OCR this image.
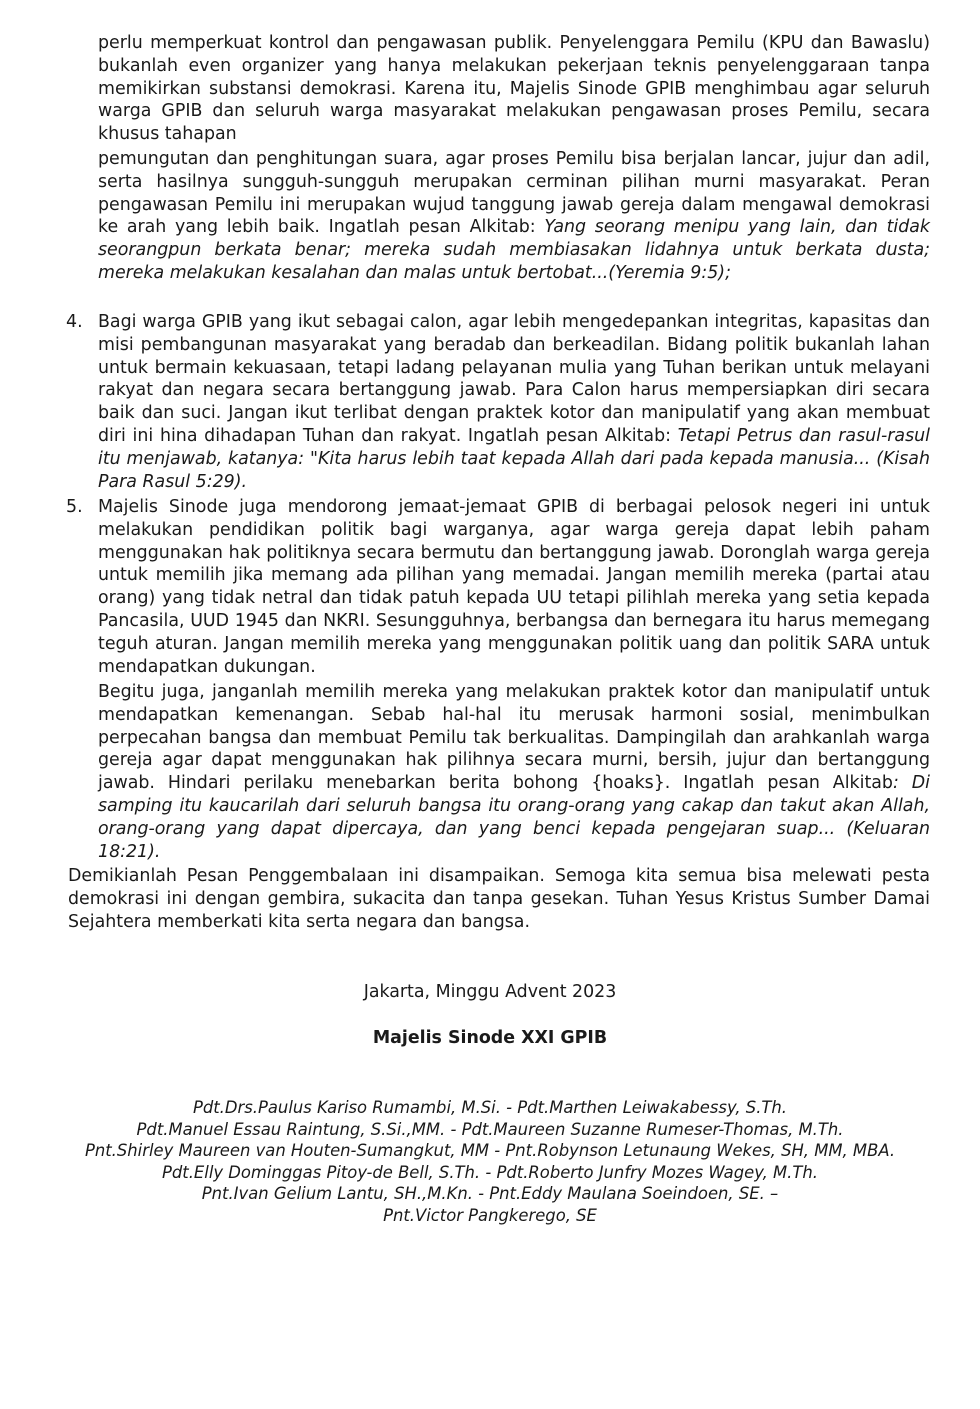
perlu memperkuat kontrol dan pengawasan publik. Penyelenggara Pemilu (KPU dan Bawaslu) bukanlah even organizer yang hanya melakukan pekerjaan teknis penyelenggaraan tanpa memikirkan substansi demokrasi. Karena itu, Majelis Sinode GPIB menghimbau agar seluruh warga GPIB dan seluruh warga masyarakat melakukan pengawasan proses Pemilu, secara khusus tahapan

pemungutan dan penghitungan suara, agar proses Pemilu bisa berjalan lancar, jujur dan adil, serta hasilnya sungguh-sungguh merupakan cerminan pilihan murni masyarakat. Peran pengawasan Pemilu ini merupakan wujud tanggung jawab gereja dalam mengawal demokrasi ke arah yang lebih baik. Ingatlah pesan Alkitab: Yang seorang menipu yang lain, dan tidak seorangpun berkata benar; mereka sudah membiasakan lidahnya untuk berkata dusta; mereka melakukan kesalahan dan malas untuk bertobat...(Yeremia 9:5);

4. Bagi warga GPIB yang ikut sebagai calon, agar lebih mengedepankan integritas, kapasitas dan misi pembangunan masyarakat yang beradab dan berkeadilan. Bidang politik bukanlah lahan untuk bermain kekuasaan, tetapi ladang pelayanan mulia yang Tuhan berikan untuk melayani rakyat dan negara secara bertanggung jawab. Para Calon harus mempersiapkan diri secara baik dan suci. Jangan ikut terlibat dengan praktek kotor dan manipulatif yang akan membuat diri ini hina dihadapan Tuhan dan rakyat. Ingatlah pesan Alkitab: Tetapi Petrus dan rasul-rasul itu menjawab, katanya: "Kita harus lebih taat kepada Allah dari pada kepada manusia... (Kisah Para Rasul 5:29).

5. Majelis Sinode juga mendorong jemaat-jemaat GPIB di berbagai pelosok negeri ini untuk melakukan pendidikan politik bagi warganya, agar warga gereja dapat lebih paham menggunakan hak politiknya secara bermutu dan bertanggung jawab. Doronglah warga gereja untuk memilih jika memang ada pilihan yang memadai. Jangan memilih mereka (partai atau orang) yang tidak netral dan tidak patuh kepada UU tetapi pilihlah mereka yang setia kepada Pancasila, UUD 1945 dan NKRI. Sesungguhnya, berbangsa dan bernegara itu harus memegang teguh aturan. Jangan memilih mereka yang menggunakan politik uang dan politik SARA untuk mendapatkan dukungan.

Begitu juga, janganlah memilih mereka yang melakukan praktek kotor dan manipulatif untuk mendapatkan kemenangan. Sebab hal-hal itu merusak harmoni sosial, menimbulkan perpecahan bangsa dan membuat Pemilu tak berkualitas. Dampingilah dan arahkanlah warga gereja agar dapat menggunakan hak pilihnya secara murni, bersih, jujur dan bertanggung jawab. Hindari perilaku menebarkan berita bohong {hoaks}. Ingatlah pesan Alkitab: Di samping itu kaucarilah dari seluruh bangsa itu orang-orang yang cakap dan takut akan Allah, orang-orang yang dapat dipercaya, dan yang benci kepada pengejaran suap... (Keluaran 18:21).

Demikianlah Pesan Penggembalaan ini disampaikan. Semoga kita semua bisa melewati pesta demokrasi ini dengan gembira, sukacita dan tanpa gesekan. Tuhan Yesus Kristus Sumber Damai Sejahtera memberkati kita serta negara dan bangsa.

Jakarta, Minggu Advent 2023

Majelis Sinode XXI GPIB

Pdt.Drs.Paulus Kariso Rumambi, M.Si. - Pdt.Marthen Leiwakabessy, S.Th.
Pdt.Manuel Essau Raintung, S.Si.,MM. - Pdt.Maureen Suzanne Rumeser-Thomas, M.Th.
Pnt.Shirley Maureen van Houten-Sumangkut, MM - Pnt.Robynson Letunaung Wekes, SH, MM, MBA.
Pdt.Elly Dominggas Pitoy-de Bell, S.Th. - Pdt.Roberto Junfry Mozes Wagey, M.Th.
Pnt.Ivan Gelium Lantu, SH.,M.Kn. - Pnt.Eddy Maulana Soeindoen, SE. –
Pnt.Victor Pangkerego, SE
